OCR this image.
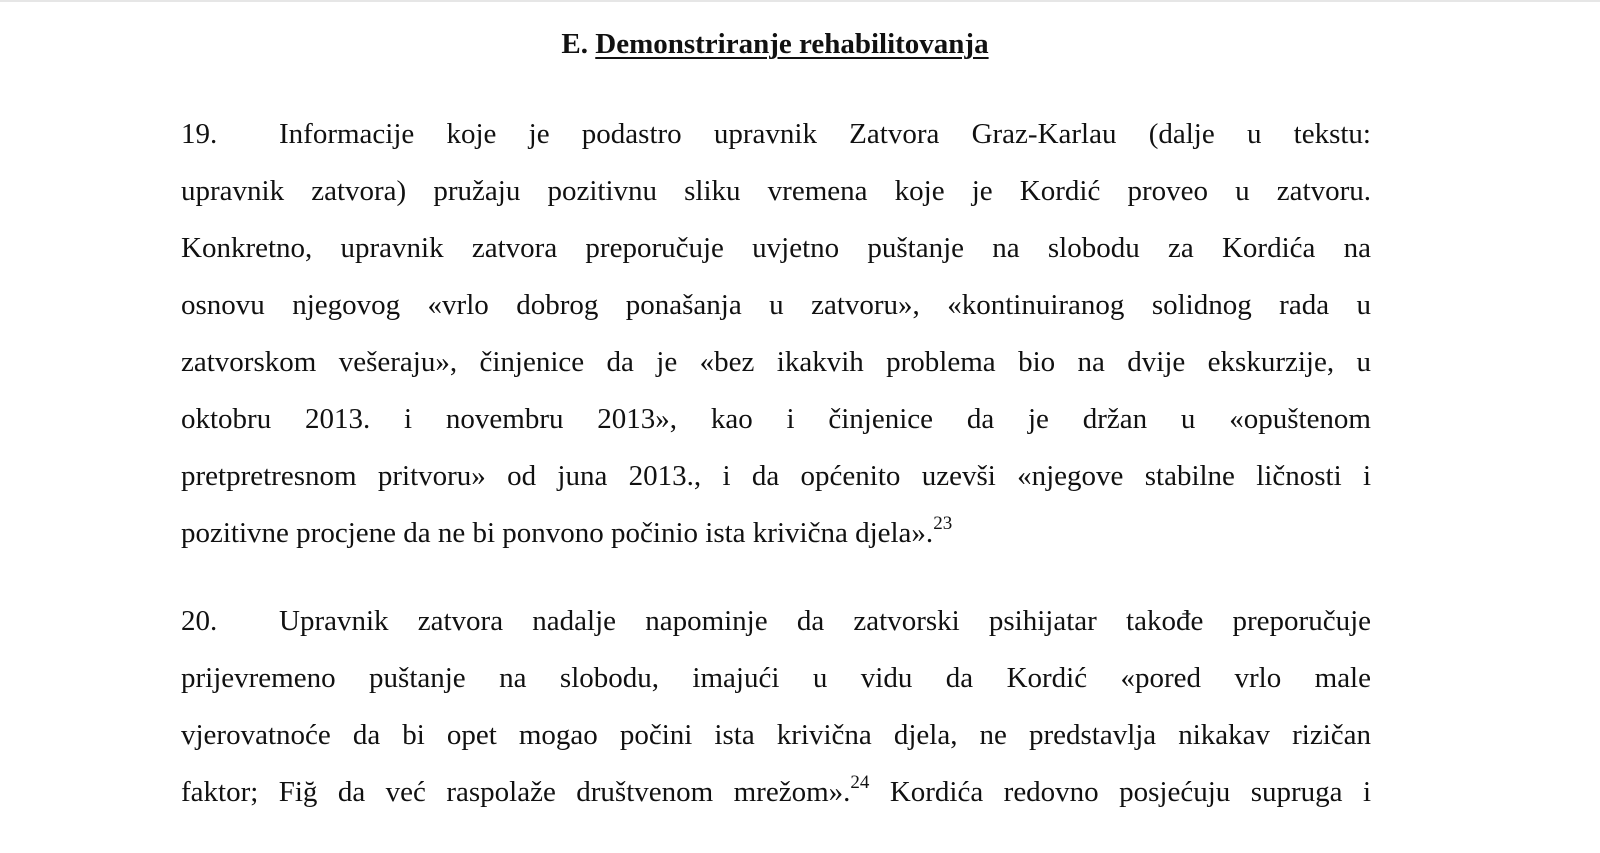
E. Demonstriranje rehabilitovanja
19. Informacije koje je podastro upravnik Zatvora Graz-Karlau (dalje u tekstu:
upravnik zatvora) pružaju pozitivnu sliku vremena koje je Kordić proveo u zatvoru.
Konkretno, upravnik zatvora preporučuje uvjetno puštanje na slobodu za Kordića na
osnovu njegovog «vrlo dobrog ponašanja u zatvoru», «kontinuiranog solidnog rada u
zatvorskom vešeraju», činjenice da je «bez ikakvih problema bio na dvije ekskurzije, u
oktobru 2013. i novembru 2013», kao i činjenice da je držan u «opuštenom
pretpretresnom pritvoru» od juna 2013., i da općenito uzevši «njegove stabilne ličnosti i
pozitivne procjene da ne bi ponvono počinio ista krivična djela».$^{23}$
20. Upravnik zatvora nadalje napominje da zatvorski psihijatar takođe preporučuje
prijevremeno puštanje na slobodu, imajući u vidu da Kordić «pored vrlo male
vjerovatnoće da bi opet mogao počini ista krivična djela, ne predstavlja nikakav rizičan
faktor; Fiğ da već raspolaže društvenom mrežom».$^{24}$ Kordića redovno posjećuju supruga i
